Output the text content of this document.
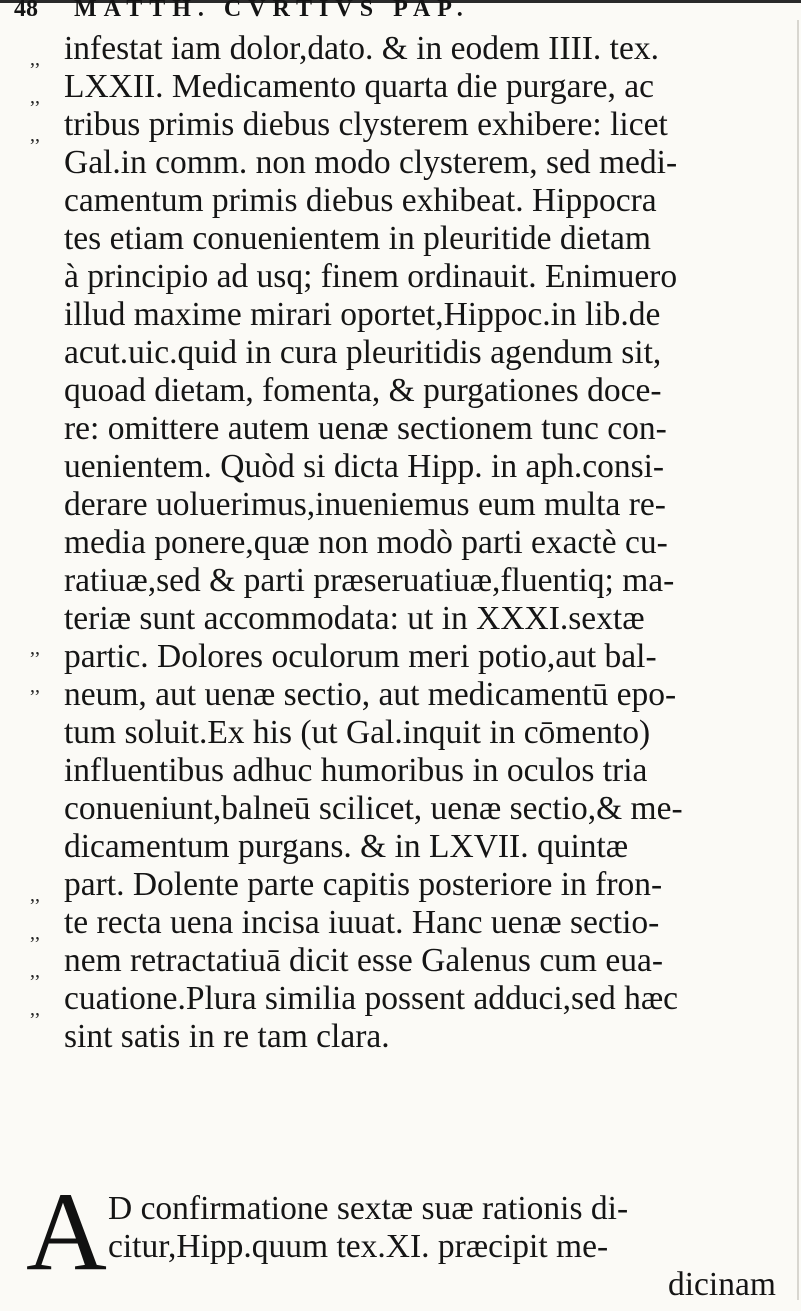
48 MATTH. CVRTIVS PAP.
,,
,,
,,
,,
,,
,,
,,
,,
,,
infestat iam dolor,dato. & in eodem IIII. tex.
LXXII. Medicamento quarta die purgare, ac
tribus primis diebus clysterem exhibere: licet
Gal.in comm. non modo clysterem, sed medi-
camentum primis diebus exhibeat. Hippocra
tes etiam conuenientem in pleuritide dietam
à principio ad usq; finem ordinauit. Enimuero
illud maxime mirari oportet,Hippoc.in lib.de
acut.uic.quid in cura pleuritidis agendum sit,
quoad dietam, fomenta, & purgationes doce-
re: omittere autem uenæ sectionem tunc con-
uenientem. Quòd si dicta Hipp. in aph.consi-
derare uoluerimus,inueniemus eum multa re-
media ponere,quæ non modò parti exactè cu-
ratiuæ,sed & parti præseruatiuæ,fluentiq; ma-
teriæ sunt accommodata: ut in XXXI.sextæ
partic. Dolores oculorum meri potio,aut bal-
neum, aut uenæ sectio, aut medicamentū epo-
tum soluit.Ex his (ut Gal.inquit in cōmento)
influentibus adhuc humoribus in oculos tria
conueniunt,balneū scilicet, uenæ sectio,& me-
dicamentum purgans. & in LXVII. quintæ
part. Dolente parte capitis posteriore in fron-
te recta uena incisa iuuat. Hanc uenæ sectio-
nem retractatiuā dicit esse Galenus cum eua-
cuatione.Plura similia possent adduci,sed hæc
sint satis in re tam clara.
D confirmatione sextæ suæ rationis di-
citur,Hipp.quum tex.XI. præcipit me-
dicinam
A
